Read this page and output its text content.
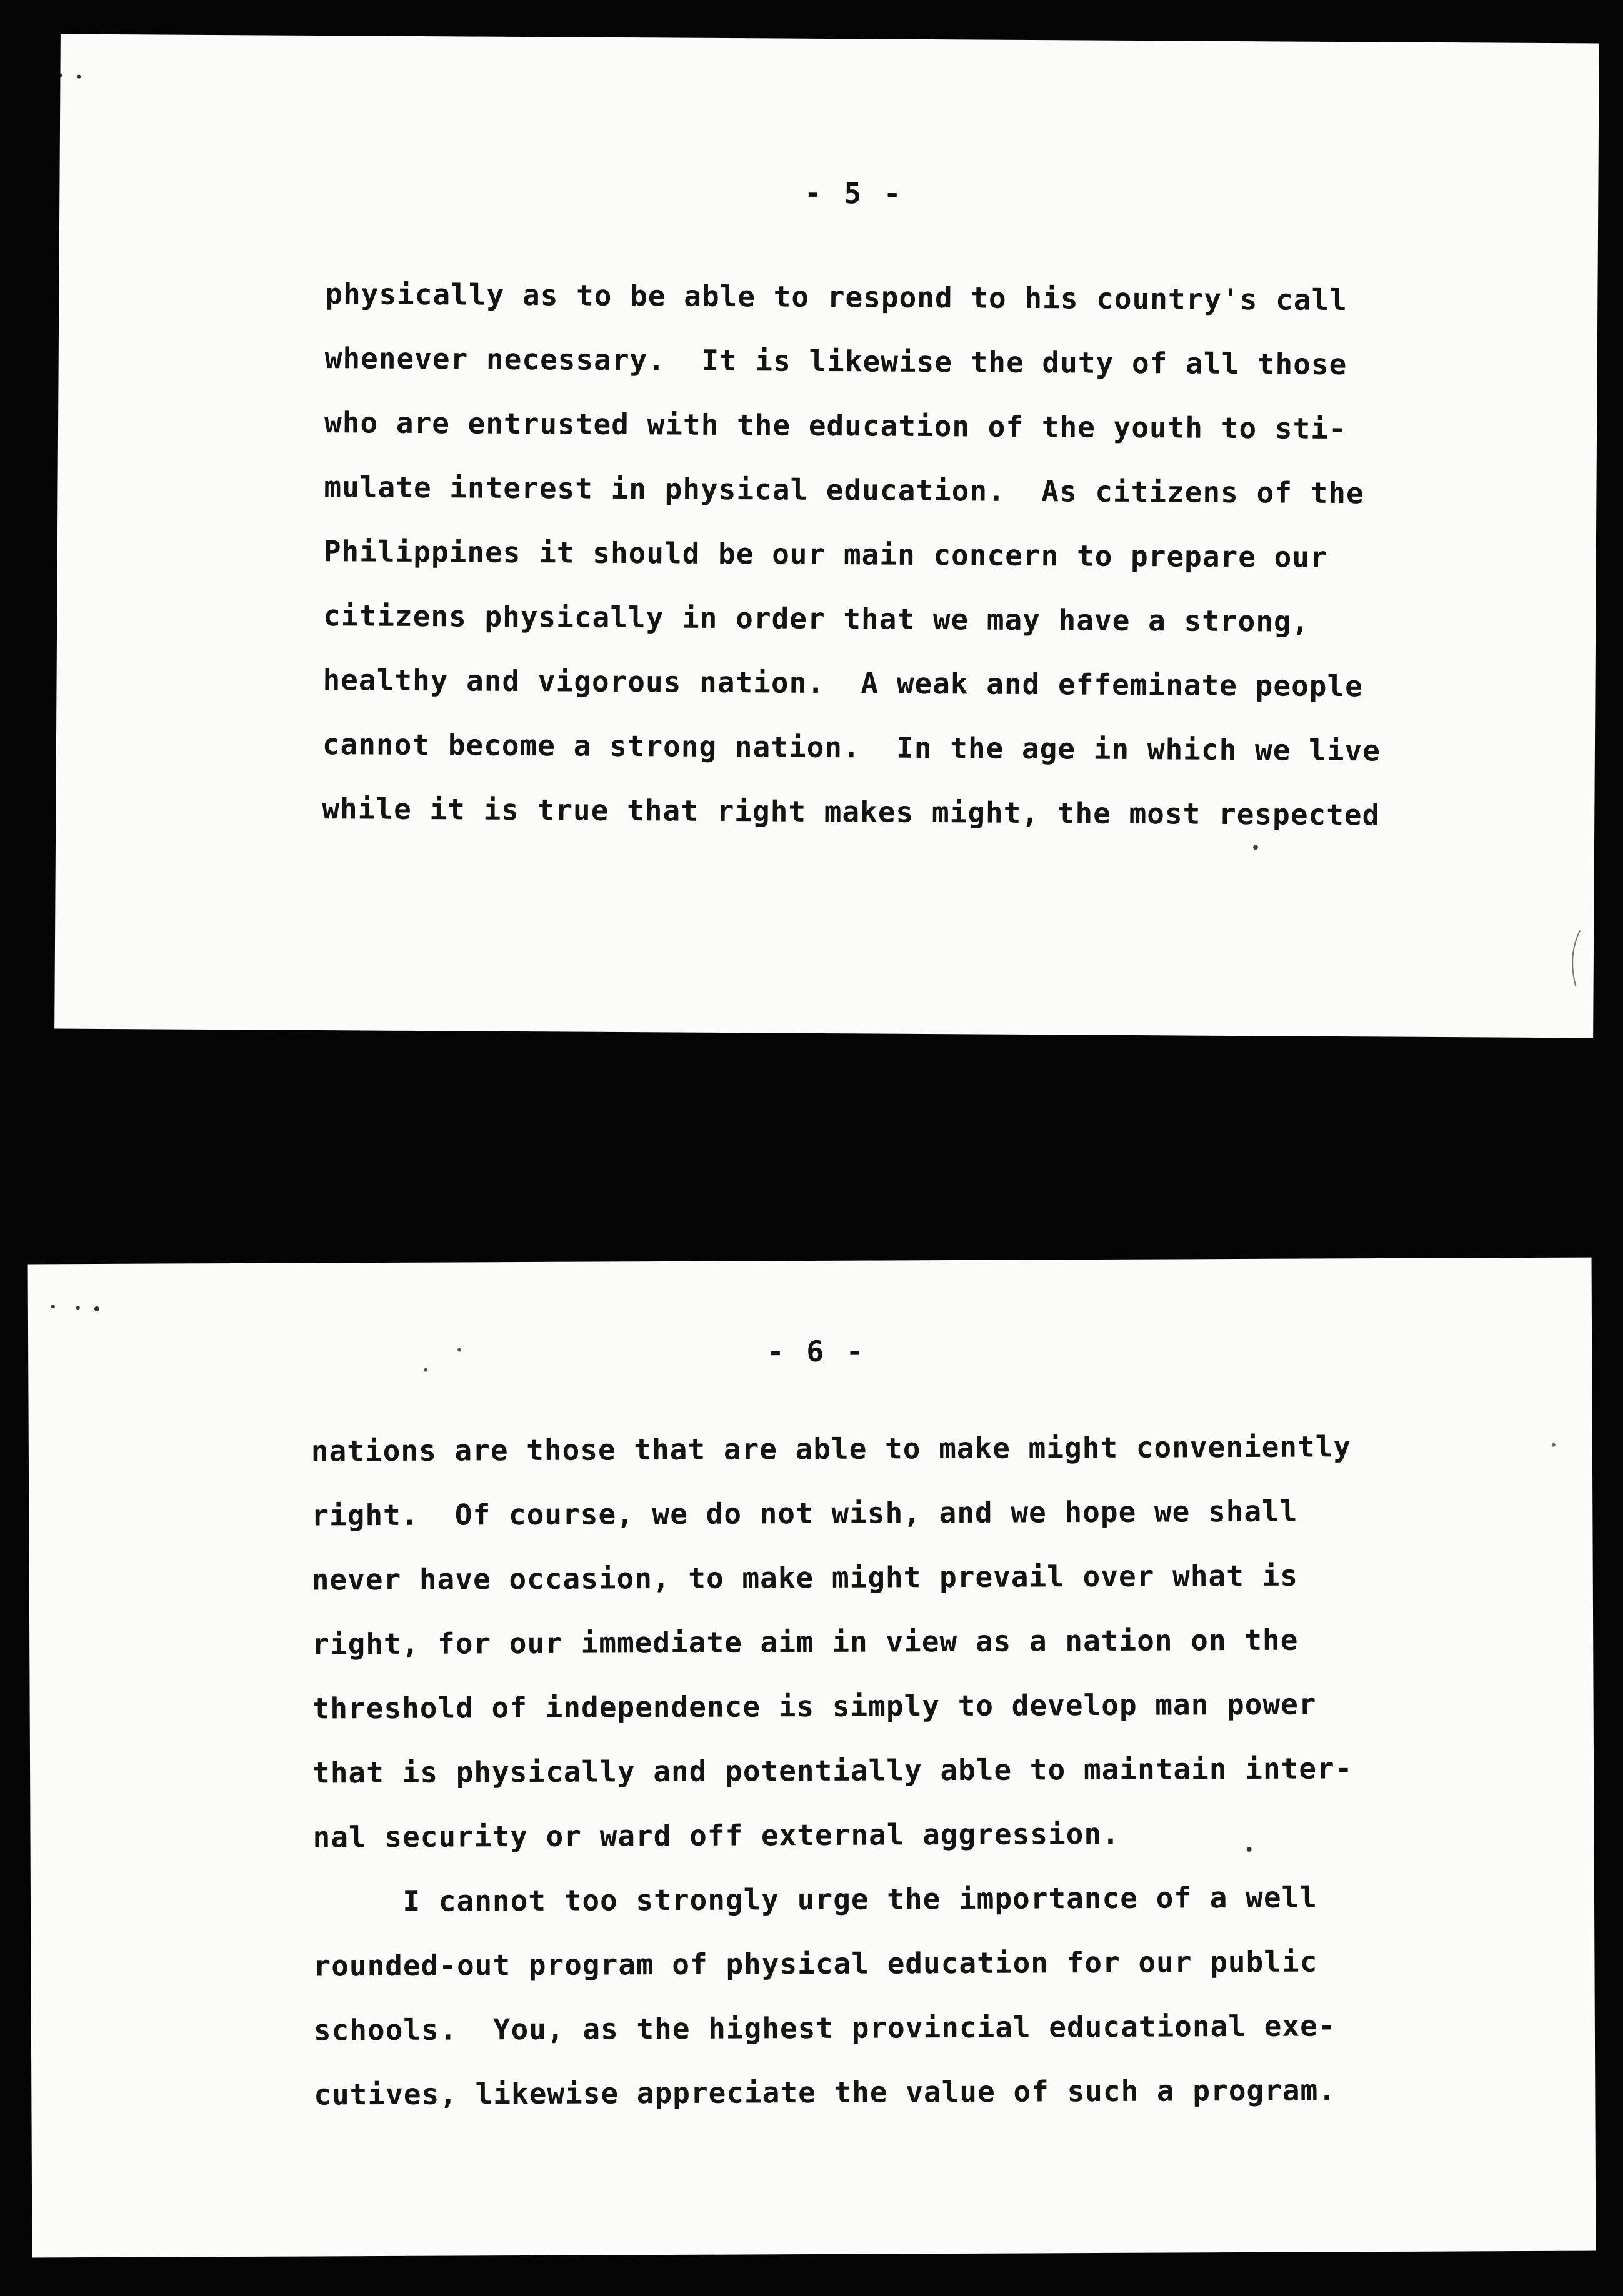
- 5 -
physically as to be able to respond to his country's call
whenever necessary.  It is likewise the duty of all those
who are entrusted with the education of the youth to sti-
mulate interest in physical education.  As citizens of the
Philippines it should be our main concern to prepare our
citizens physically in order that we may have a strong,
healthy and vigorous nation.  A weak and effeminate people
cannot become a strong nation.  In the age in which we live
while it is true that right makes might, the most respected
- 6 -
nations are those that are able to make might conveniently
right.  Of course, we do not wish, and we hope we shall
never have occasion, to make might prevail over what is
right, for our immediate aim in view as a nation on the
threshold of independence is simply to develop man power
that is physically and potentially able to maintain inter-
nal security or ward off external aggression.
I cannot too strongly urge the importance of a well
rounded-out program of physical education for our public
schools.  You, as the highest provincial educational exe-
cutives, likewise appreciate the value of such a program.
